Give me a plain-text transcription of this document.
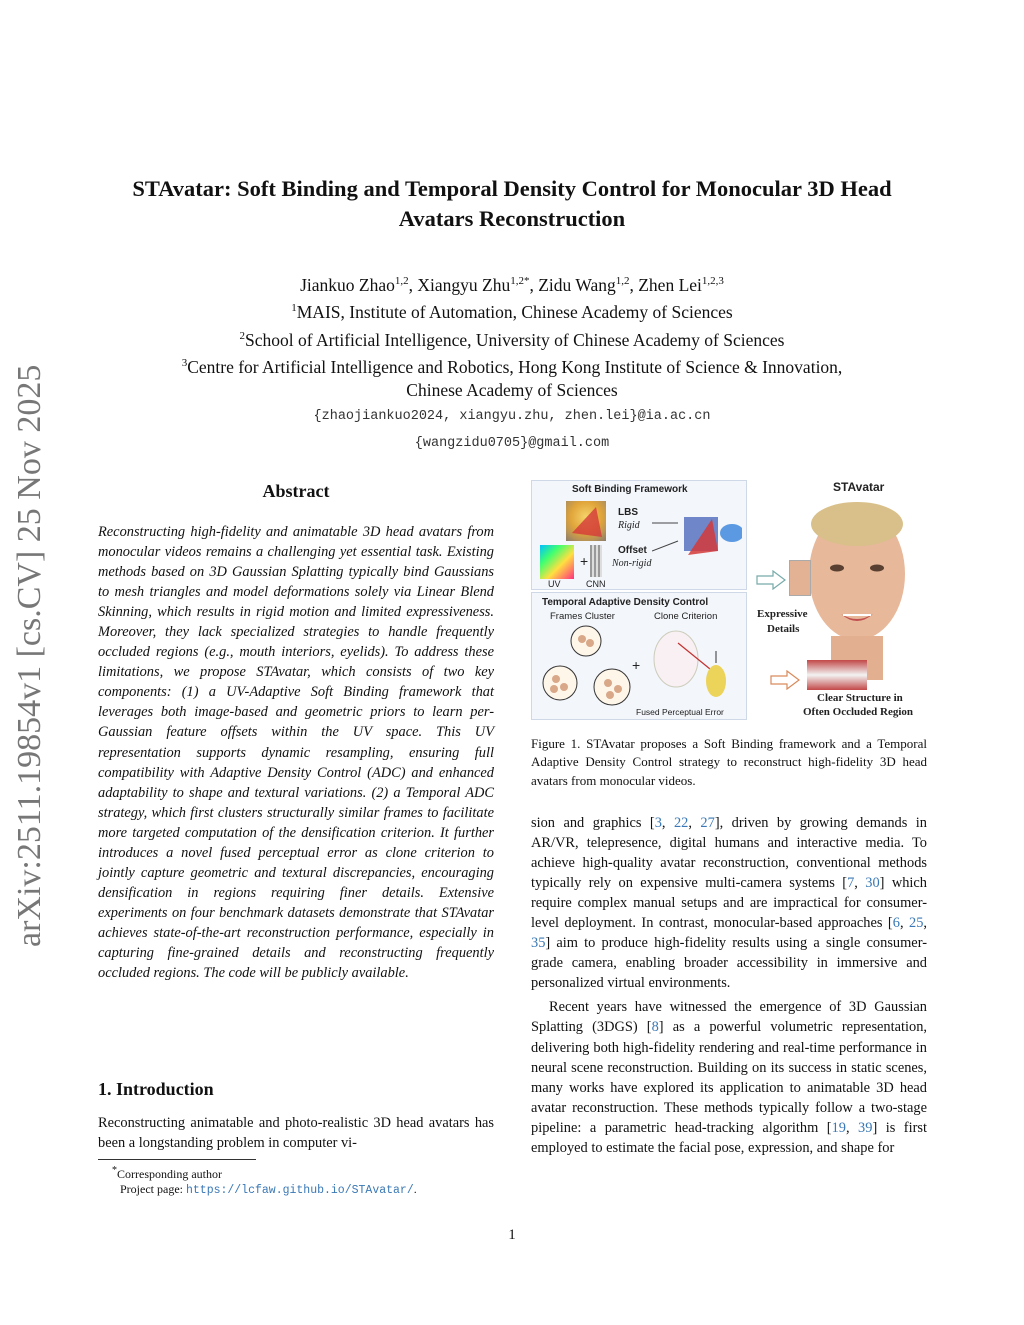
arXiv:2511.19854v1 [cs.CV] 25 Nov 2025
STAvatar: Soft Binding and Temporal Density Control for Monocular 3D Head
Avatars Reconstruction
Jiankuo Zhao$^{1,2}$, Xiangyu Zhu$^{1,2*}$, Zidu Wang$^{1,2}$, Zhen Lei$^{1,2,3}$
$^1$MAIS, Institute of Automation, Chinese Academy of Sciences
$^2$School of Artificial Intelligence, University of Chinese Academy of Sciences
$^3$Centre for Artificial Intelligence and Robotics, Hong Kong Institute of Science & Innovation,
Chinese Academy of Sciences
{zhaojiankuo2024, xiangyu.zhu, zhen.lei}@ia.ac.cn
{wangzidu0705}@gmail.com
Abstract
Reconstructing high-fidelity and animatable 3D head avatars from monocular videos remains a challenging yet essential task. Existing methods based on 3D Gaussian Splatting typically bind Gaussians to mesh triangles and model deformations solely via Linear Blend Skinning, which results in rigid motion and limited expressiveness. Moreover, they lack specialized strategies to handle frequently occluded regions (e.g., mouth interiors, eyelids). To address these limitations, we propose STAvatar, which consists of two key components: (1) a UV-Adaptive Soft Binding framework that leverages both image-based and geometric priors to learn per-Gaussian feature offsets within the UV space. This UV representation supports dynamic resampling, ensuring full compatibility with Adaptive Density Control (ADC) and enhanced adaptability to shape and textural variations. (2) a Temporal ADC strategy, which first clusters structurally similar frames to facilitate more targeted computation of the densification criterion. It further introduces a novel fused perceptual error as clone criterion to jointly capture geometric and textural discrepancies, encouraging densification in regions requiring finer details. Extensive experiments on four benchmark datasets demonstrate that STAvatar achieves state-of-the-art reconstruction performance, especially in capturing fine-grained details and reconstructing frequently occluded regions. The code will be publicly available.
1. Introduction
Reconstructing animatable and photo-realistic 3D head avatars has been a longstanding problem in computer vi-
*Corresponding author
Project page: https://lcfaw.github.io/STAvatar/.
Soft Binding Framework
LBS
Rigid
+
Offset
Non-rigid
UV	CNN
Temporal Adaptive Density Control
Frames Cluster	Clone Criterion
+
Fused Perceptual Error
STAvatar
Expressive
Details
Clear Structure in
Often Occluded Region
Figure 1. STAvatar proposes a Soft Binding framework and a Temporal Adaptive Density Control strategy to reconstruct high-fidelity 3D head avatars from monocular videos.
sion and graphics [3, 22, 27], driven by growing demands in AR/VR, telepresence, digital humans and interactive media. To achieve high-quality avatar reconstruction, conventional methods typically rely on expensive multi-camera systems [7, 30] which require complex manual setups and are impractical for consumer-level deployment. In contrast, monocular-based approaches [6, 25, 35] aim to produce high-fidelity results using a single consumer-grade camera, enabling broader accessibility in immersive and personalized virtual environments.
Recent years have witnessed the emergence of 3D Gaussian Splatting (3DGS) [8] as a powerful volumetric representation, delivering both high-fidelity rendering and real-time performance in neural scene reconstruction. Building on its success in static scenes, many works have explored its application to animatable 3D head avatar reconstruction. These methods typically follow a two-stage pipeline: a parametric head-tracking algorithm [19, 39] is first employed to estimate the facial pose, expression, and shape for
1
